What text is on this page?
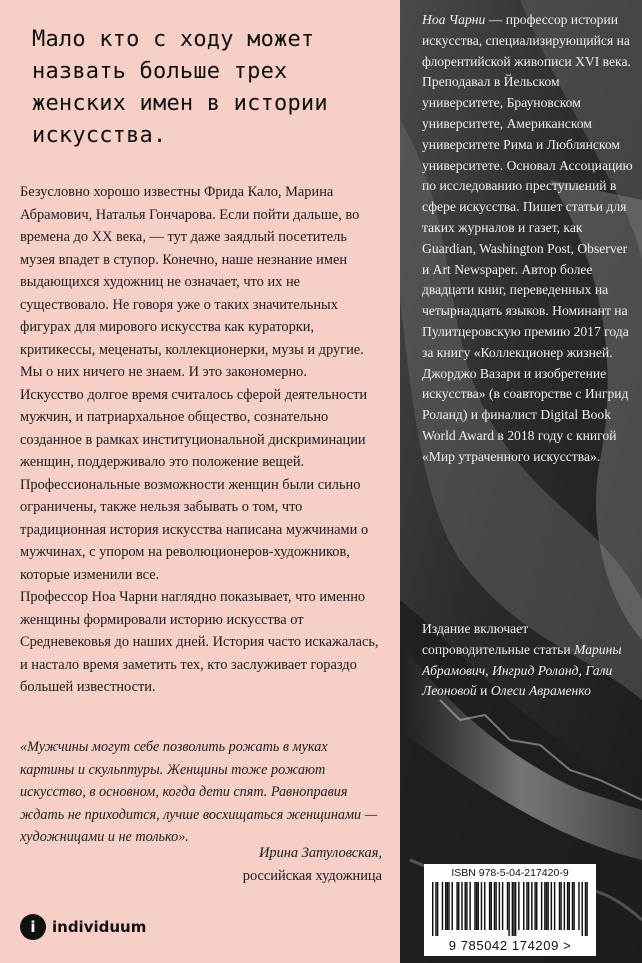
Мало кто с ходу может назвать больше трех женских имен в истории искусства.

Безусловно хорошо известны Фрида Кало, Марина Абрамович, Наталья Гончарова. Если пойти дальше, во времена до XX века, — тут даже заядлый посетитель музея впадет в ступор. Конечно, наше незнание имен выдающихся художниц не означает, что их не существовало. Не говоря уже о таких значительных фигурах для мирового искусства как кураторки, критикессы, меценаты, коллекционерки, музы и другие. Мы о них ничего не знаем. И это закономерно.

Искусство долгое время считалось сферой деятельности мужчин, и патриархальное общество, сознательно созданное в рамках институциональной дискриминации женщин, поддерживало это положение вещей. Профессиональные возможности женщин были сильно ограничены, также нельзя забывать о том, что традиционная история искусства написана мужчинами о мужчинах, с упором на революционеров-художников, которые изменили все.

Профессор Ноа Чарни наглядно показывает, что именно женщины формировали историю искусства от Средневековья до наших дней. История часто искажалась, и настало время заметить тех, кто заслуживает гораздо большей известности.

«Мужчины могут себе позволить рожать в муках картины и скульптуры. Женщины тоже рожают искусство, в основном, когда дети спят. Равноправия ждать не приходится, лучше восхищаться женщинами — художницами и не только».
Ирина Затуловская,
российская художница
i	individuum
Ноа Чарни — профессор истории искусства, специализирующийся на флорентийской живописи XVI века. Преподавал в Йельском университете, Брауновском университете, Американском университете Рима и Люблянском университете. Основал Ассоциацию по исследованию преступлений в сфере искусства. Пишет статьи для таких журналов и газет, как Guardian, Washington Post, Observer и Art Newspaper. Автор более двадцати книг, переведенных на четырнадцать языков. Номинант на Пулитцеровскую премию 2017 года за книгу «Коллекционер жизней. Джорджо Вазари и изобретение искусства» (в соавторстве с Ингрид Роланд) и финалист Digital Book World Award в 2018 году с книгой «Мир утраченного искусства».
Издание включает сопроводительные статьи Марины Абрамович, Ингрид Роланд, Гали Леоновой и Олеси Авраменко
ISBN 978-5-04-217420-9
9 785042 174209 >
